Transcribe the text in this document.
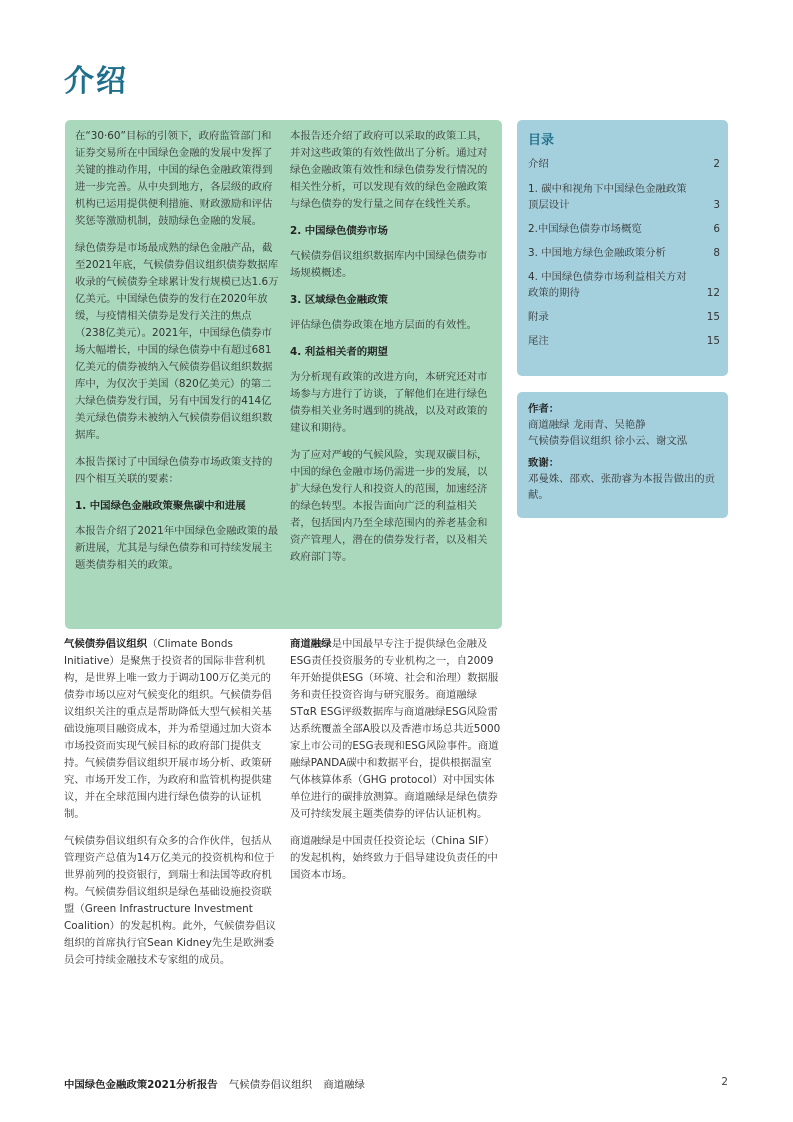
介绍

在“30·60”目标的引领下，政府监管部门和证券交易所在中国绿色金融的发展中发挥了关键的推动作用，中国的绿色金融政策得到进一步完善。从中央到地方，各层级的政府机构已运用提供便利措施、财政激励和评估奖惩等激励机制，鼓励绿色金融的发展。

绿色债券是市场最成熟的绿色金融产品，截至2021年底，气候债券倡议组织债券数据库收录的气候债券全球累计发行规模已达1.6万亿美元。中国绿色债券的发行在2020年放缓，与疫情相关债券是发行关注的焦点（238亿美元）。2021年，中国绿色债券市场大幅增长，中国的绿色债券中有超过681亿美元的债券被纳入气候债券倡议组织数据库中，为仅次于美国（820亿美元）的第二大绿色债券发行国，另有中国发行的414亿美元绿色债券未被纳入气候债券倡议组织数据库。

本报告探讨了中国绿色债券市场政策支持的四个相互关联的要素：

1. 中国绿色金融政策聚焦碳中和进展

本报告介绍了2021年中国绿色金融政策的最新进展，尤其是与绿色债券和可持续发展主题类债券相关的政策。

本报告还介绍了政府可以采取的政策工具，并对这些政策的有效性做出了分析。通过对绿色金融政策有效性和绿色债券发行情况的相关性分析，可以发现有效的绿色金融政策与绿色债券的发行量之间存在线性关系。

2. 中国绿色债券市场

气候债券倡议组织数据库内中国绿色债券市场规模概述。

3. 区域绿色金融政策

评估绿色债券政策在地方层面的有效性。

4. 利益相关者的期望

为分析现有政策的改进方向，本研究还对市场参与方进行了访谈，了解他们在进行绿色债券相关业务时遇到的挑战，以及对政策的建议和期待。

为了应对严峻的气候风险，实现双碳目标，中国的绿色金融市场仍需进一步的发展，以扩大绿色发行人和投资人的范围，加速经济的绿色转型。本报告面向广泛的利益相关者，包括国内乃至全球范围内的养老基金和资产管理人，潜在的债券发行者，以及相关政府部门等。

目录
介绍	2
1. 碳中和视角下中国绿色金融政策顶层设计	3
2.中国绿色债券市场概览	6
3. 中国地方绿色金融政策分析	8
4. 中国绿色债券市场利益相关方对政策的期待	12
附录	15
尾注	15
作者：
商道融绿 龙雨青、吴艳静
气候债券倡议组织 徐小云、谢文泓
致谢：
邓曼姝、邵欢、张劭睿为本报告做出的贡献。

气候债券倡议组织（Climate Bonds Initiative）是聚焦于投资者的国际非营利机构，是世界上唯一致力于调动100万亿美元的债券市场以应对气候变化的组织。气候债券倡议组织关注的重点是帮助降低大型气候相关基础设施项目融资成本，并为希望通过加大资本市场投资而实现气候目标的政府部门提供支持。气候债券倡议组织开展市场分析、政策研究、市场开发工作，为政府和监管机构提供建议，并在全球范围内进行绿色债券的认证机制。

气候债券倡议组织有众多的合作伙伴，包括从管理资产总值为14万亿美元的投资机构和位于世界前列的投资银行，到瑞士和法国等政府机构。气候债券倡议组织是绿色基础设施投资联盟（Green Infrastructure Investment Coalition）的发起机构。此外，气候债券倡议组织的首席执行官Sean Kidney先生是欧洲委员会可持续金融技术专家组的成员。

商道融绿是中国最早专注于提供绿色金融及ESG责任投资服务的专业机构之一，自2009年开始提供ESG（环境、社会和治理）数据服务和责任投资咨询与研究服务。商道融绿STαR ESG评级数据库与商道融绿ESG风险雷达系统覆盖全部A股以及香港市场总共近5000家上市公司的ESG表现和ESG风险事件。商道融绿PANDA碳中和数据平台，提供根据温室气体核算体系（GHG protocol）对中国实体单位进行的碳排放测算。商道融绿是绿色债券及可持续发展主题类债券的评估认证机构。

商道融绿是中国责任投资论坛（China SIF）的发起机构，始终致力于倡导建设负责任的中国资本市场。

中国绿色金融政策2021分析报告 气候债券倡议组织 商道融绿	2
